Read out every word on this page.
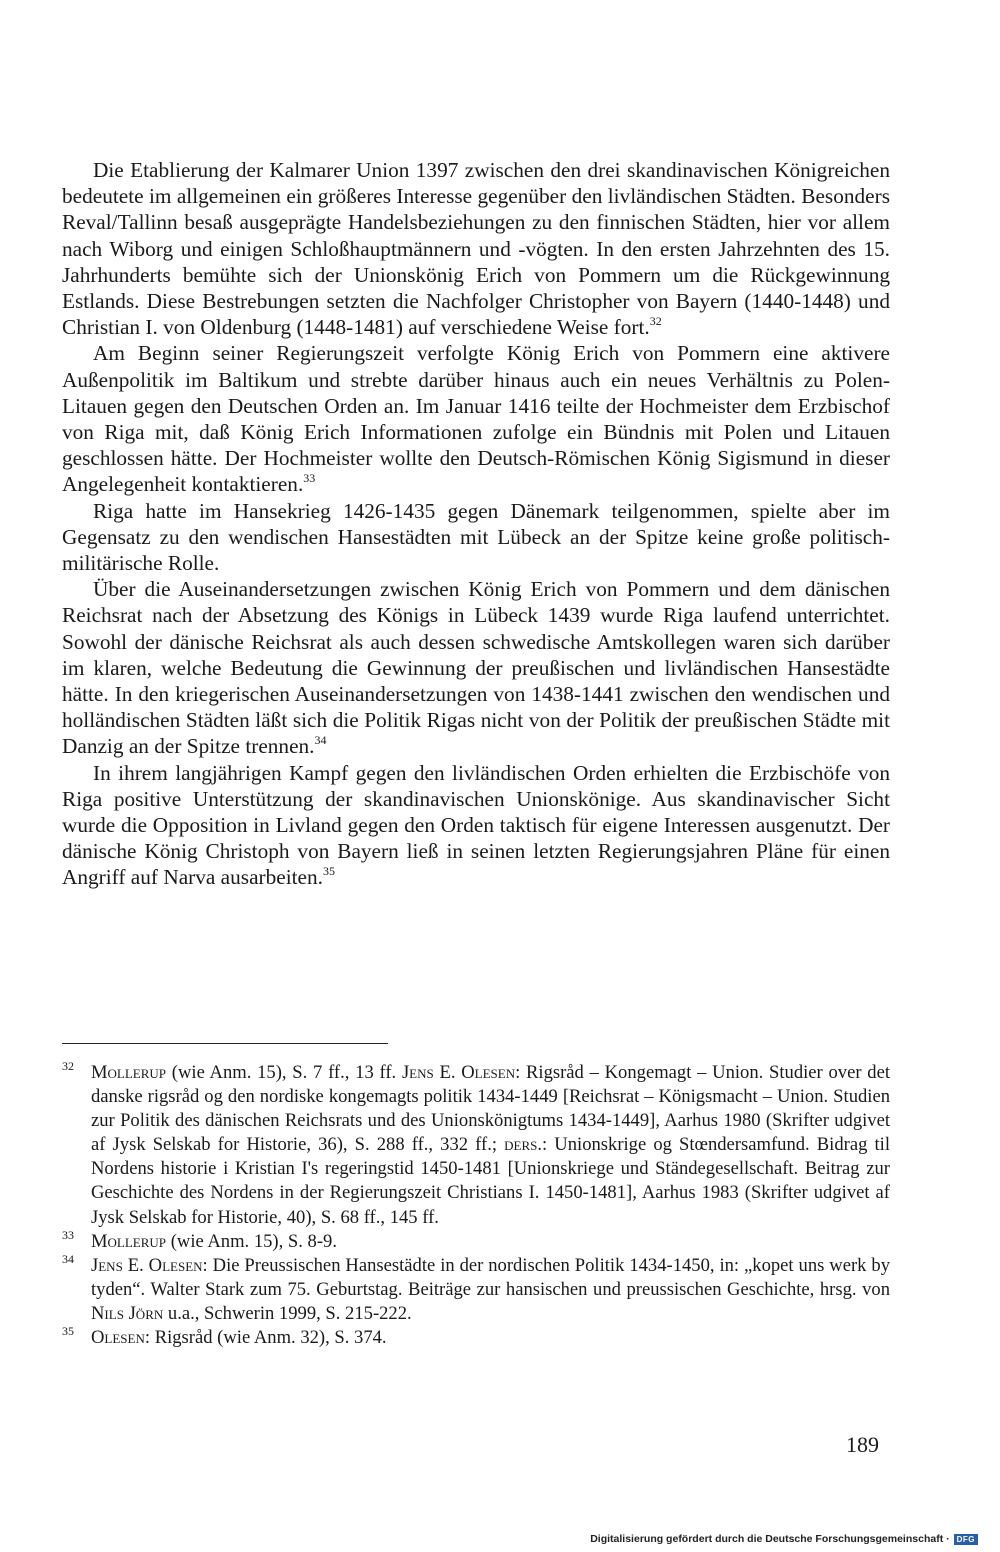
Die Etablierung der Kalmarer Union 1397 zwischen den drei skandinavischen Königreichen bedeutete im allgemeinen ein größeres Interesse gegenüber den livländischen Städten. Besonders Reval/Tallinn besaß ausgeprägte Handelsbeziehungen zu den finnischen Städten, hier vor allem nach Wiborg und einigen Schloßhauptmännern und -vögten. In den ersten Jahrzehnten des 15. Jahrhunderts bemühte sich der Unionskönig Erich von Pommern um die Rückgewinnung Estlands. Diese Bestrebungen setzten die Nachfolger Christopher von Bayern (1440-1448) und Christian I. von Oldenburg (1448-1481) auf verschiedene Weise fort.$^{32}$

Am Beginn seiner Regierungszeit verfolgte König Erich von Pommern eine aktivere Außenpolitik im Baltikum und strebte darüber hinaus auch ein neues Verhältnis zu Polen-Litauen gegen den Deutschen Orden an. Im Januar 1416 teilte der Hochmeister dem Erzbischof von Riga mit, daß König Erich Informationen zufolge ein Bündnis mit Polen und Litauen geschlossen hätte. Der Hochmeister wollte den Deutsch-Römischen König Sigismund in dieser Angelegenheit kontaktieren.$^{33}$

Riga hatte im Hansekrieg 1426-1435 gegen Dänemark teilgenommen, spielte aber im Gegensatz zu den wendischen Hansestädten mit Lübeck an der Spitze keine große politisch-militärische Rolle.

Über die Auseinandersetzungen zwischen König Erich von Pommern und dem dänischen Reichsrat nach der Absetzung des Königs in Lübeck 1439 wurde Riga laufend unterrichtet. Sowohl der dänische Reichsrat als auch dessen schwedische Amtskollegen waren sich darüber im klaren, welche Bedeutung die Gewinnung der preußischen und livländischen Hansestädte hätte. In den kriegerischen Auseinandersetzungen von 1438-1441 zwischen den wendischen und holländischen Städten läßt sich die Politik Rigas nicht von der Politik der preußischen Städte mit Danzig an der Spitze trennen.$^{34}$

In ihrem langjährigen Kampf gegen den livländischen Orden erhielten die Erzbischöfe von Riga positive Unterstützung der skandinavischen Unionskönige. Aus skandinavischer Sicht wurde die Opposition in Livland gegen den Orden taktisch für eigene Interessen ausgenutzt. Der dänische König Christoph von Bayern ließ in seinen letzten Regierungsjahren Pläne für einen Angriff auf Narva ausarbeiten.$^{35}$

32 Mollerup (wie Anm. 15), S. 7 ff., 13 ff. Jens E. Olesen: Rigsråd – Kongemagt – Union. Studier over det danske rigsråd og den nordiske kongemagts politik 1434-1449 [Reichsrat – Königsmacht – Union. Studien zur Politik des dänischen Reichsrats und des Unionskönigtums 1434-1449], Aarhus 1980 (Skrifter udgivet af Jysk Selskab for Historie, 36), S. 288 ff., 332 ff.; ders.: Unionskrige og Stœndersamfund. Bidrag til Nordens historie i Kristian I's regeringstid 1450-1481 [Unionskriege und Ständegesellschaft. Beitrag zur Geschichte des Nordens in der Regierungszeit Christians I. 1450-1481], Aarhus 1983 (Skrifter udgivet af Jysk Selskab for Historie, 40), S. 68 ff., 145 ff.

33 Mollerup (wie Anm. 15), S. 8-9.

34 Jens E. Olesen: Die Preussischen Hansestädte in der nordischen Politik 1434-1450, in: „kopet uns werk by tyden“. Walter Stark zum 75. Geburtstag. Beiträge zur hansischen und preussischen Geschichte, hrsg. von Nils Jörn u.a., Schwerin 1999, S. 215-222.

35 Olesen: Rigsråd (wie Anm. 32), S. 374.

189
Digitalisierung gefördert durch die Deutsche Forschungsgemeinschaft · DFG
